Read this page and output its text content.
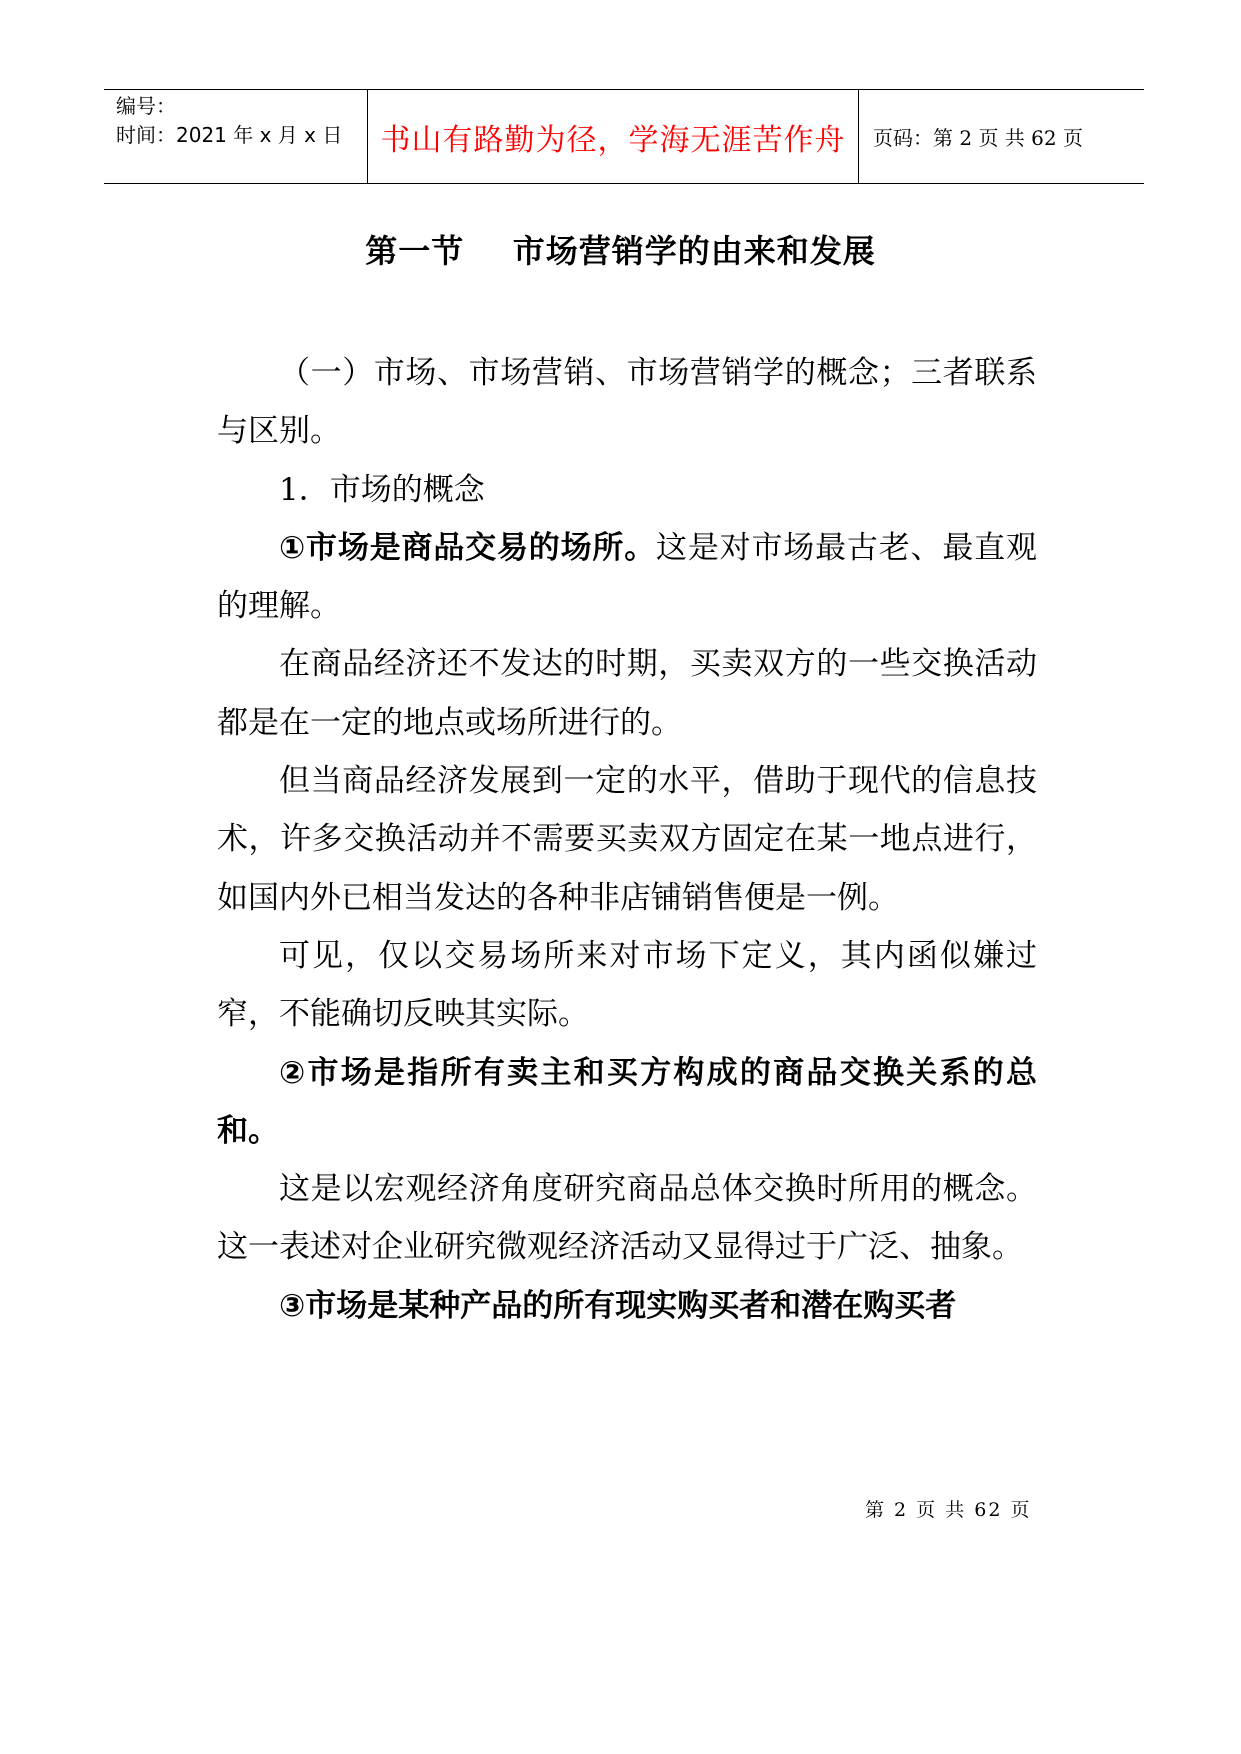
编号：
时间：2021 年 x 月 x 日	书山有路勤为径，学海无涯苦作舟	页码：第 2 页 共 62 页
第一节    市场营销学的由来和发展

（一）市场、市场营销、市场营销学的概念；三者联系与区别。

1．市场的概念

①市场是商品交易的场所。这是对市场最古老、最直观的理解。

在商品经济还不发达的时期，买卖双方的一些交换活动都是在一定的地点或场所进行的。

但当商品经济发展到一定的水平，借助于现代的信息技术，许多交换活动并不需要买卖双方固定在某一地点进行，如国内外已相当发达的各种非店铺销售便是一例。

可见，仅以交易场所来对市场下定义，其内函似嫌过窄，不能确切反映其实际。

②市场是指所有卖主和买方构成的商品交换关系的总和。

这是以宏观经济角度研究商品总体交换时所用的概念。这一表述对企业研究微观经济活动又显得过于广泛、抽象。

③市场是某种产品的所有现实购买者和潜在购买者

第 2 页 共 62 页
